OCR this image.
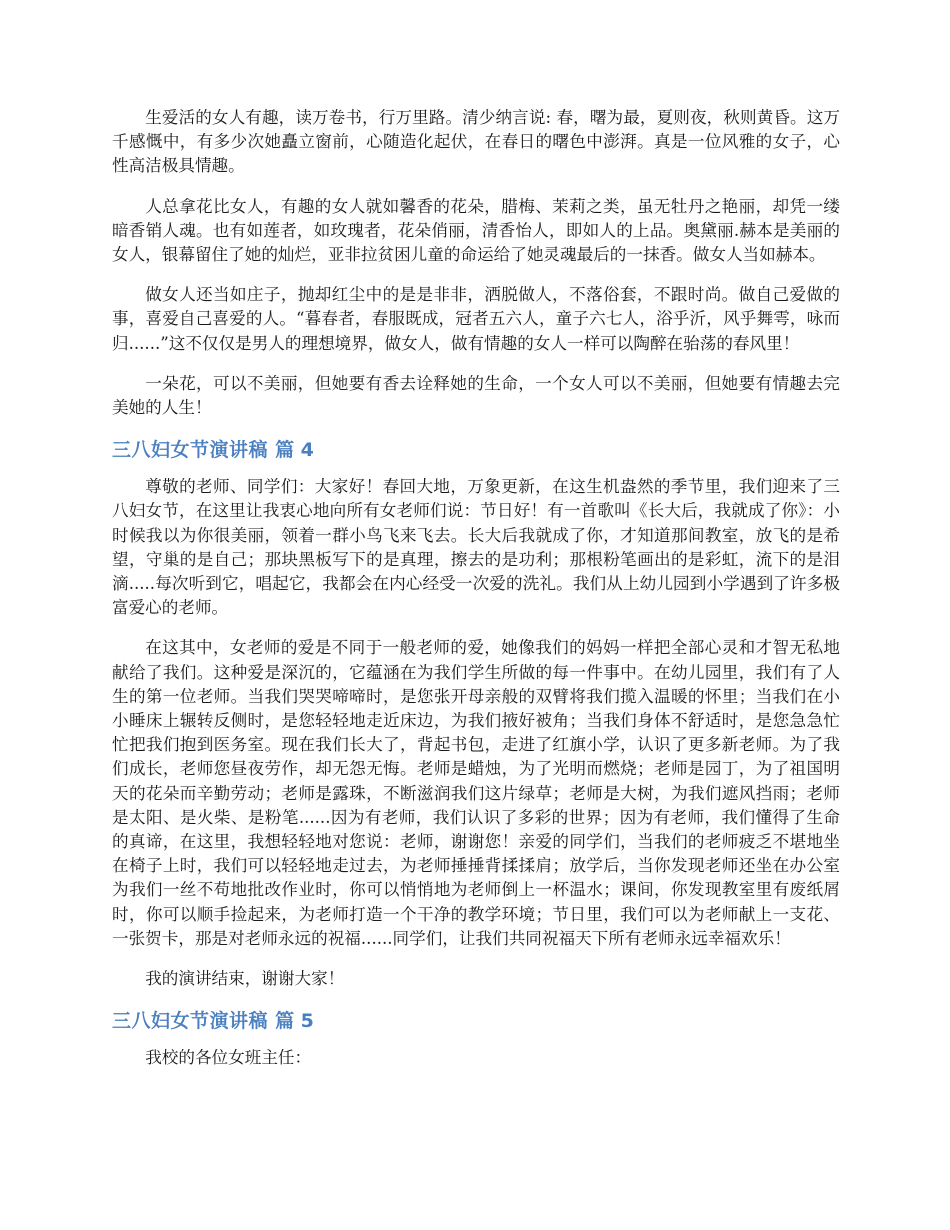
生爱活的女人有趣，读万卷书，行万里路。清少纳言说: 春，曙为最，夏则夜，秋则黄昏。这万千感慨中，有多少次她矗立窗前，心随造化起伏，在春日的曙色中澎湃。真是一位风雅的女子，心性高洁极具情趣。

人总拿花比女人，有趣的女人就如馨香的花朵，腊梅、茉莉之类，虽无牡丹之艳丽，却凭一缕暗香销人魂。也有如莲者，如玫瑰者，花朵俏丽，清香怡人，即如人的上品。奥黛丽.赫本是美丽的女人，银幕留住了她的灿烂，亚非拉贫困儿童的命运给了她灵魂最后的一抹香。做女人当如赫本。

做女人还当如庄子，抛却红尘中的是是非非，洒脱做人，不落俗套，不跟时尚。做自己爱做的事，喜爱自己喜爱的人。“暮春者，春服既成，冠者五六人，童子六七人，浴乎沂，风乎舞雩，咏而归......”这不仅仅是男人的理想境界，做女人，做有情趣的女人一样可以陶醉在骀荡的春风里！

一朵花，可以不美丽，但她要有香去诠释她的生命，一个女人可以不美丽，但她要有情趣去完美她的人生！

三八妇女节演讲稿 篇 4

尊敬的老师、同学们：大家好！春回大地，万象更新，在这生机盎然的季节里，我们迎来了三八妇女节，在这里让我衷心地向所有女老师们说：节日好！有一首歌叫《长大后，我就成了你》：小时候我以为你很美丽，领着一群小鸟飞来飞去。长大后我就成了你，才知道那间教室，放飞的是希望，守巢的是自己；那块黑板写下的是真理，擦去的是功利；那根粉笔画出的是彩虹，流下的是泪滴.....每次听到它，唱起它，我都会在内心经受一次爱的洗礼。我们从上幼儿园到小学遇到了许多极富爱心的老师。

在这其中，女老师的爱是不同于一般老师的爱，她像我们的妈妈一样把全部心灵和才智无私地献给了我们。这种爱是深沉的，它蕴涵在为我们学生所做的每一件事中。在幼儿园里，我们有了人生的第一位老师。当我们哭哭啼啼时，是您张开母亲般的双臂将我们揽入温暖的怀里；当我们在小小睡床上辗转反侧时，是您轻轻地走近床边，为我们掖好被角；当我们身体不舒适时，是您急急忙忙把我们抱到医务室。现在我们长大了，背起书包，走进了红旗小学，认识了更多新老师。为了我们成长，老师您昼夜劳作，却无怨无悔。老师是蜡烛，为了光明而燃烧；老师是园丁，为了祖国明天的花朵而辛勤劳动；老师是露珠，不断滋润我们这片绿草；老师是大树，为我们遮风挡雨；老师是太阳、是火柴、是粉笔......因为有老师，我们认识了多彩的世界；因为有老师，我们懂得了生命的真谛，在这里，我想轻轻地对您说：老师，谢谢您！亲爱的同学们，当我们的老师疲乏不堪地坐在椅子上时，我们可以轻轻地走过去，为老师捶捶背揉揉肩；放学后，当你发现老师还坐在办公室为我们一丝不苟地批改作业时，你可以悄悄地为老师倒上一杯温水；课间，你发现教室里有废纸屑时，你可以顺手捡起来，为老师打造一个干净的教学环境；节日里，我们可以为老师献上一支花、一张贺卡，那是对老师永远的祝福......同学们，让我们共同祝福天下所有老师永远幸福欢乐！

我的演讲结束，谢谢大家！

三八妇女节演讲稿 篇 5

我校的各位女班主任：
